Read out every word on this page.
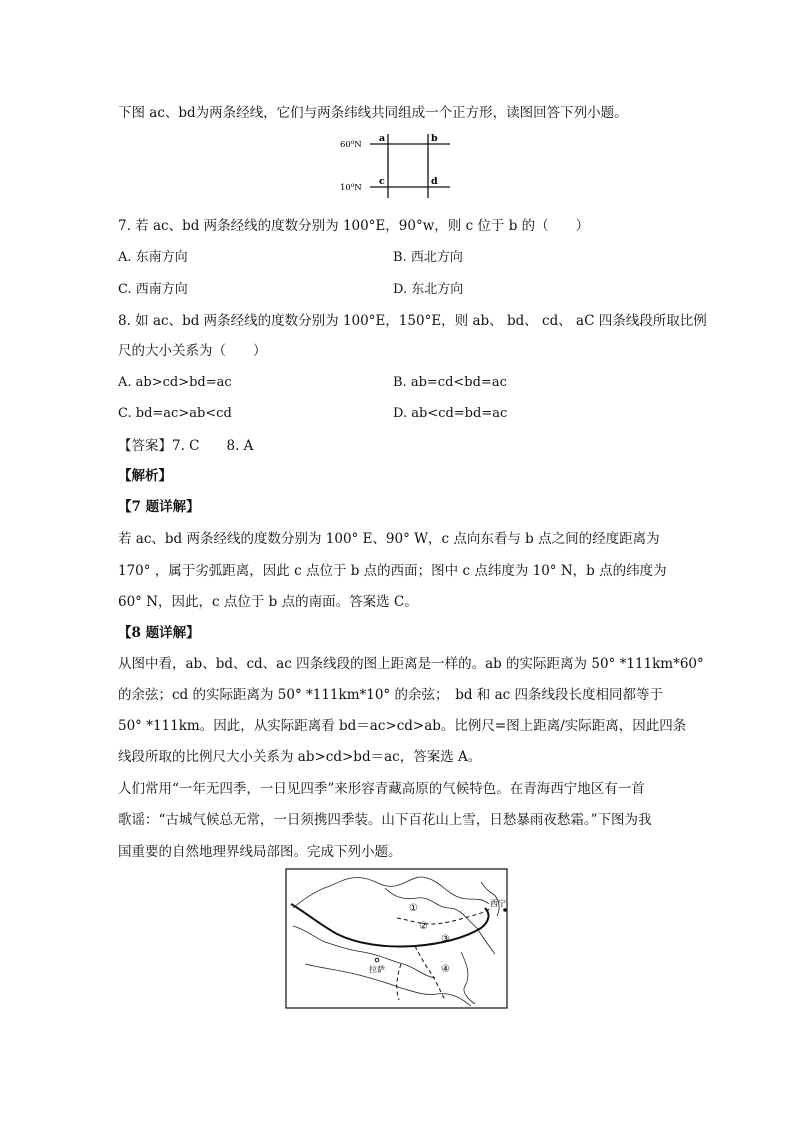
下图 ac、bd为两条经线，它们与两条纬线共同组成一个正方形，读图回答下列小题。
60⁰N
10⁰N
a	b
c	d
7. 若 ac、bd 两条经线的度数分别为 100°E，90°w，则 c 位于 b 的（　　）
A. 东南方向	B. 西北方向
C. 西南方向	D. 东北方向
8. 如 ac、bd 两条经线的度数分别为 100°E，150°E，则 ab、 bd、 cd、 aC 四条线段所取比例
尺的大小关系为（　　）
A. ab>cd>bd=ac	B. ab=cd<bd=ac
C. bd=ac>ab<cd	D. ab<cd=bd=ac
【答案】7. C　　8. A
【解析】
【7 题详解】
若 ac、bd 两条经线的度数分别为 100° E、90° W，c 点向东看与 b 点之间的经度距离为
170° ，属于劣弧距离，因此 c 点位于 b 点的西面；图中 c 点纬度为 10° N，b 点的纬度为
60° N，因此，c 点位于 b 点的南面。答案选 C。
【8 题详解】
从图中看，ab、bd、cd、ac 四条线段的图上距离是一样的。ab 的实际距离为 50° *111km*60°
的余弦；cd 的实际距离为 50° *111km*10° 的余弦；　bd 和 ac 四条线段长度相同都等于
50° *111km。因此，从实际距离看 bd＝ac>cd>ab。比例尺=图上距离/实际距离，因此四条
线段所取的比例尺大小关系为 ab>cd>bd＝ac，答案选 A。
人们常用“一年无四季，一日见四季”来形容青藏高原的气候特色。在青海西宁地区有一首
歌谣：“古城气候总无常，一日须携四季装。山下百花山上雪，日愁暴雨夜愁霜。”下图为我
国重要的自然地理界线局部图。完成下列小题。
西宁
拉萨
①
②
③
④
